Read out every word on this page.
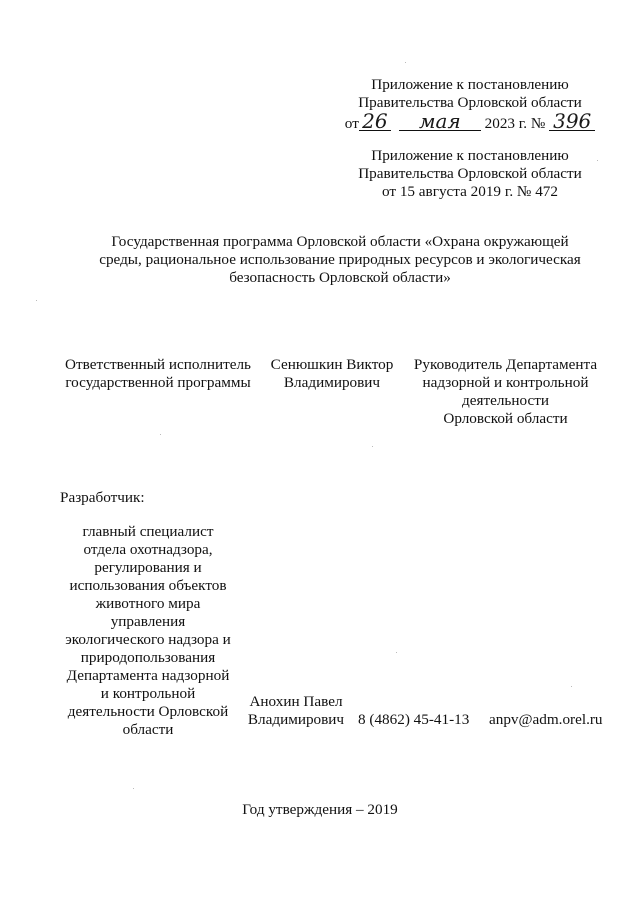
Приложение к постановлению
Правительства Орловской области
от 26 мая 2023 г. № 396
Приложение к постановлению
Правительства Орловской области
от 15 августа 2019 г. № 472
Государственная программа Орловской области «Охрана окружающей
среды, рациональное использование природных ресурсов и экологическая
безопасность Орловской области»
Ответственный исполнитель
государственной программы
Сенюшкин Виктор
Владимирович
Руководитель Департамента
надзорной и контрольной
деятельности
Орловской области
Разработчик:
главный специалист
отдела охотнадзора,
регулирования и
использования объектов
животного мира
управления
экологического надзора и
природопользования
Департамента надзорной
и контрольной
деятельности Орловской
области
Анохин Павел
Владимирович 8 (4862) 45-41-13 anpv@adm.orel.ru
Год утверждения – 2019
